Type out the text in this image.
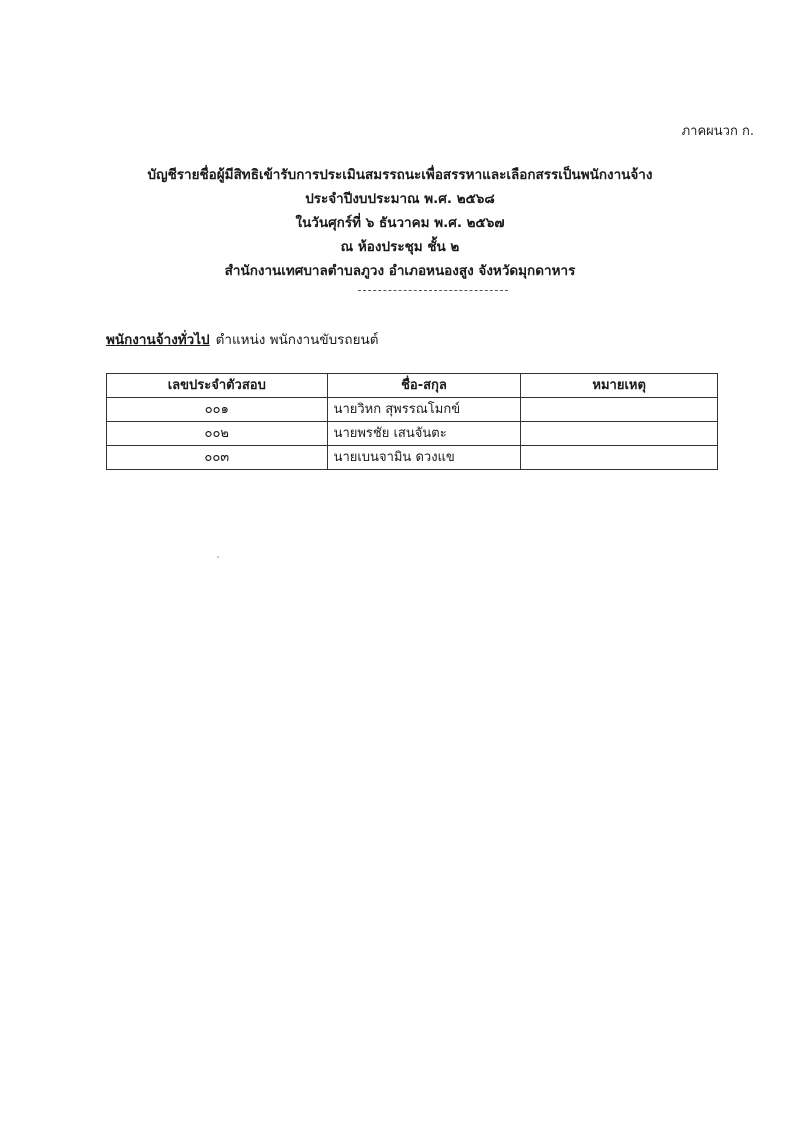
ภาคผนวก ก.
บัญชีรายชื่อผู้มีสิทธิเข้ารับการประเมินสมรรถนะเพื่อสรรหาและเลือกสรรเป็นพนักงานจ้าง
ประจำปีงบประมาณ พ.ศ. ๒๕๖๘
ในวันศุกร์ที่ ๖ ธันวาคม พ.ศ. ๒๕๖๗
ณ ห้องประชุม ชั้น ๒
สำนักงานเทศบาลตำบลภูวง อำเภอหนองสูง จังหวัดมุกดาหาร
พนักงานจ้างทั่วไป ตำแหน่ง พนักงานขับรถยนต์
เลขประจำตัวสอบ	ชื่อ-สกุล	หมายเหตุ
๐๐๑	นายวิหก สุพรรณโมกข์	
๐๐๒	นายพรชัย เสนจันตะ	
๐๐๓	นายเบนจามิน ดวงแข	
